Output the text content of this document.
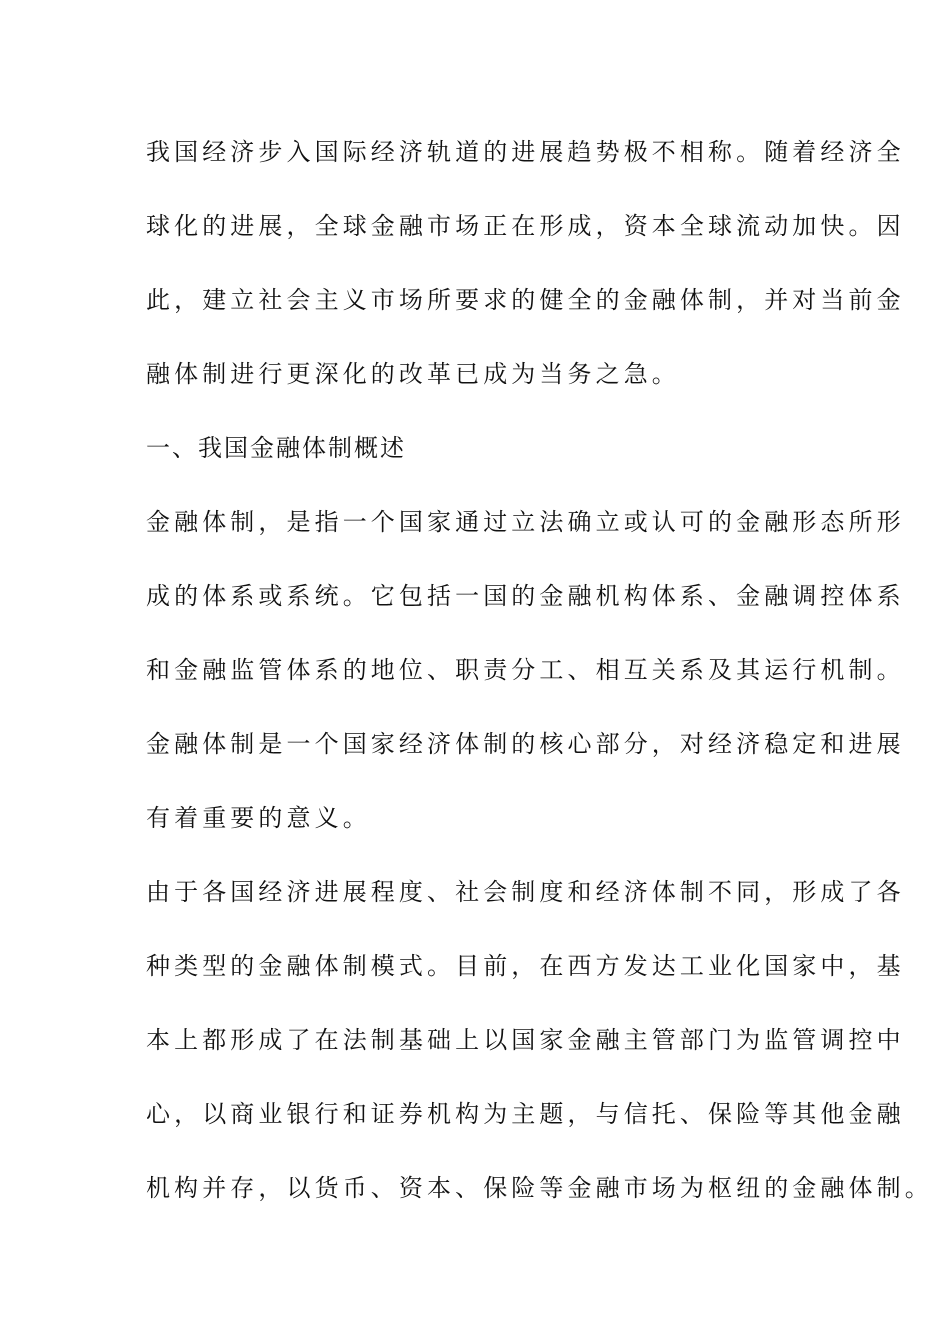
我国经济步入国际经济轨道的进展趋势极不相称。随着经济全
球化的进展，全球金融市场正在形成，资本全球流动加快。因
此，建立社会主义市场所要求的健全的金融体制，并对当前金
融体制进行更深化的改革已成为当务之急。
一、我国金融体制概述
金融体制，是指一个国家通过立法确立或认可的金融形态所形
成的体系或系统。它包括一国的金融机构体系、金融调控体系
和金融监管体系的地位、职责分工、相互关系及其运行机制。
金融体制是一个国家经济体制的核心部分，对经济稳定和进展
有着重要的意义。
由于各国经济进展程度、社会制度和经济体制不同，形成了各
种类型的金融体制模式。目前，在西方发达工业化国家中，基
本上都形成了在法制基础上以国家金融主管部门为监管调控中
心，以商业银行和证券机构为主题，与信托、保险等其他金融
机构并存，以货币、资本、保险等金融市场为枢纽的金融体制。
